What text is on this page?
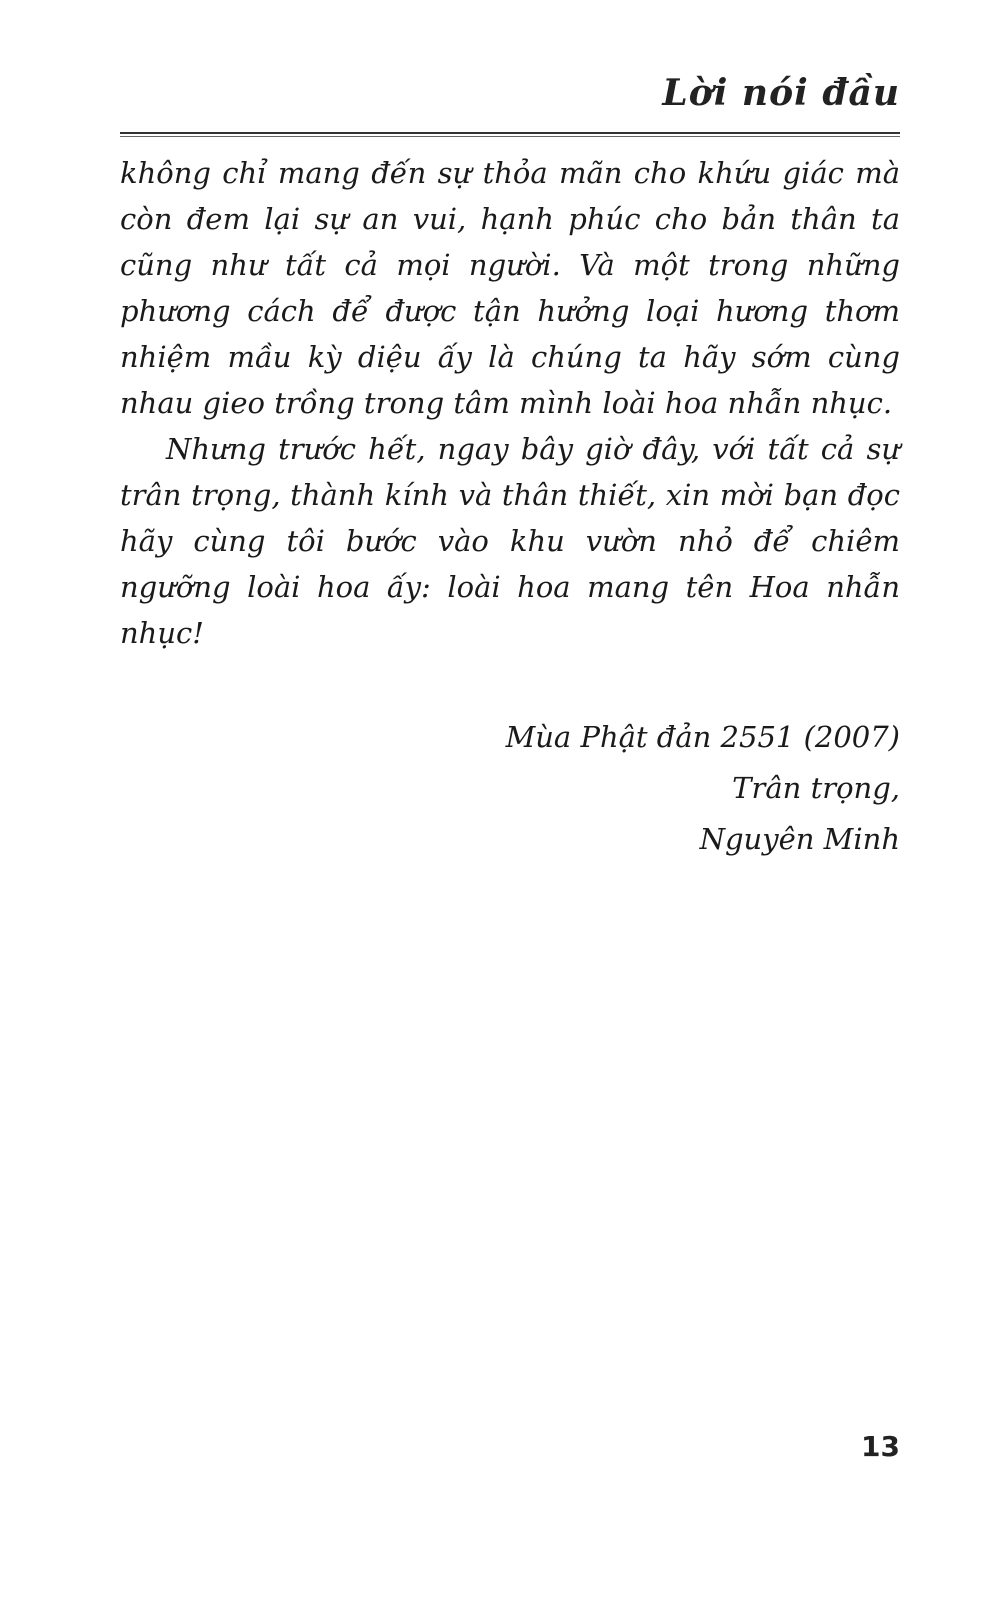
Lời nói đầu

không chỉ mang đến sự thỏa mãn cho khứu giác mà còn đem lại sự an vui, hạnh phúc cho bản thân ta cũng như tất cả mọi người. Và một trong những phương cách để được tận hưởng loại hương thơm nhiệm mầu kỳ diệu ấy là chúng ta hãy sớm cùng nhau gieo trồng trong tâm mình loài hoa nhẫn nhục.

Nhưng trước hết, ngay bây giờ đây, với tất cả sự trân trọng, thành kính và thân thiết, xin mời bạn đọc hãy cùng tôi bước vào khu vườn nhỏ để chiêm ngưỡng loài hoa ấy: loài hoa mang tên Hoa nhẫn nhục!

Mùa Phật đản 2551 (2007)
Trân trọng,
Nguyên Minh
13
